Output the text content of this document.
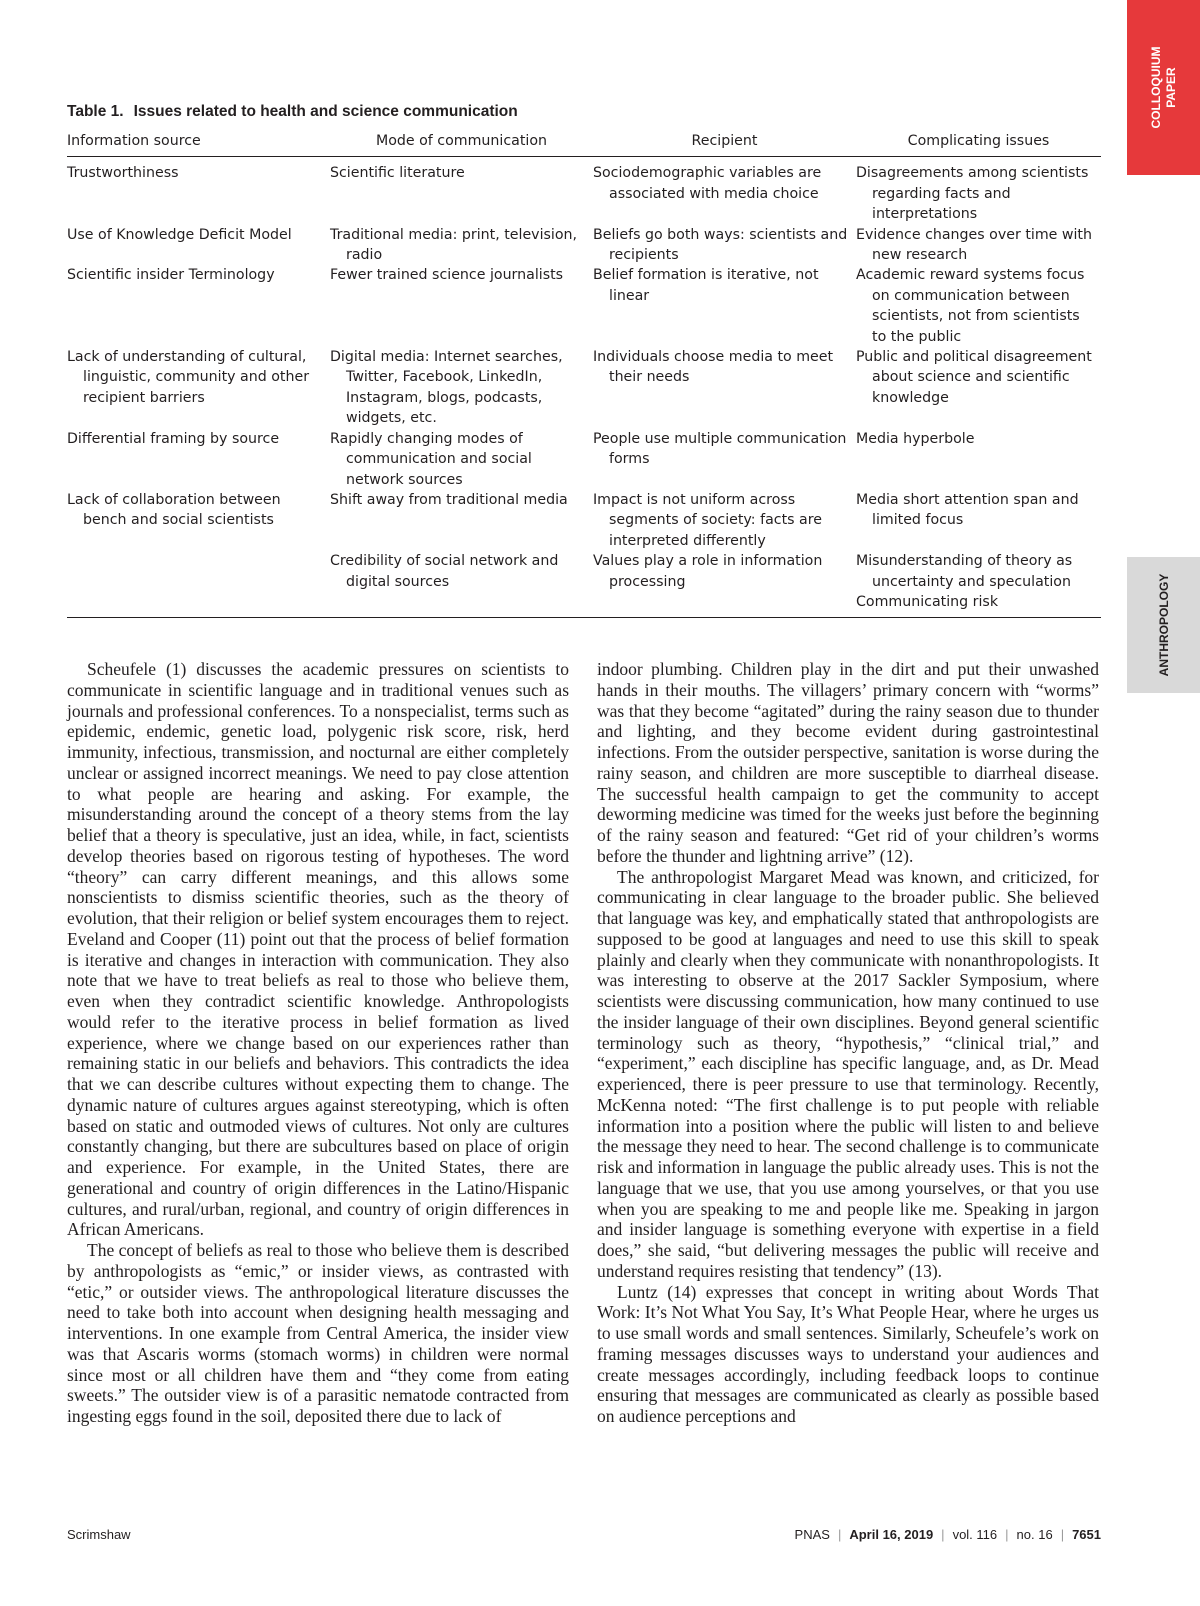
COLLOQUIUM PAPER
ANTHROPOLOGY
Table 1. Issues related to health and science communication
Information source	Mode of communication	Recipient	Complicating issues

Trustworthiness	Scientific literature	Sociodemographic variables are associated with media choice	Disagreements among scientists regarding facts and interpretations

Use of Knowledge Deficit Model	Traditional media: print, television, radio	Beliefs go both ways: scientists and recipients	Evidence changes over time with new research

Scientific insider Terminology	Fewer trained science journalists	Belief formation is iterative, not linear	Academic reward systems focus on communication between scientists, not from scientists to the public

Lack of understanding of cultural, linguistic, community and other recipient barriers	Digital media: Internet searches, Twitter, Facebook, LinkedIn, Instagram, blogs, podcasts, widgets, etc.	Individuals choose media to meet their needs	Public and political disagreement about science and scientific knowledge

Differential framing by source	Rapidly changing modes of communication and social network sources	People use multiple communication forms	Media hyperbole

Lack of collaboration between bench and social scientists	Shift away from traditional media	Impact is not uniform across segments of society: facts are interpreted differently	Media short attention span and limited focus

	Credibility of social network and digital sources	Values play a role in information processing	Misunderstanding of theory as uncertainty and speculation

			Communicating risk

Scheufele (1) discusses the academic pressures on scientists to communicate in scientific language and in traditional venues such as journals and professional conferences. To a nonspecialist, terms such as epidemic, endemic, genetic load, polygenic risk score, risk, herd immunity, infectious, transmission, and nocturnal are either completely unclear or assigned incorrect meanings. We need to pay close attention to what people are hearing and asking. For example, the misunderstanding around the concept of a theory stems from the lay belief that a theory is speculative, just an idea, while, in fact, scientists develop theories based on rigorous testing of hypotheses. The word “theory” can carry different meanings, and this allows some nonscientists to dismiss scientific theories, such as the theory of evolution, that their religion or belief system encourages them to reject. Eveland and Cooper (11) point out that the process of belief formation is iterative and changes in interaction with communication. They also note that we have to treat beliefs as real to those who believe them, even when they contradict scientific knowledge. Anthropologists would refer to the iterative process in belief formation as lived experience, where we change based on our experiences rather than remaining static in our beliefs and behaviors. This contradicts the idea that we can describe cultures without expecting them to change. The dynamic nature of cultures argues against stereotyping, which is often based on static and outmoded views of cultures. Not only are cultures constantly changing, but there are subcultures based on place of origin and experience. For example, in the United States, there are generational and country of origin differences in the Latino/Hispanic cultures, and rural/urban, regional, and country of origin differences in African Americans.

The concept of beliefs as real to those who believe them is described by anthropologists as “emic,” or insider views, as contrasted with “etic,” or outsider views. The anthropological literature discusses the need to take both into account when designing health messaging and interventions. In one example from Central America, the insider view was that Ascaris worms (stomach worms) in children were normal since most or all children have them and “they come from eating sweets.” The outsider view is of a parasitic nematode contracted from ingesting eggs found in the soil, deposited there due to lack of

indoor plumbing. Children play in the dirt and put their unwashed hands in their mouths. The villagers’ primary concern with “worms” was that they become “agitated” during the rainy season due to thunder and lighting, and they become evident during gastrointestinal infections. From the outsider perspective, sanitation is worse during the rainy season, and children are more susceptible to diarrheal disease. The successful health campaign to get the community to accept deworming medicine was timed for the weeks just before the beginning of the rainy season and featured: “Get rid of your children’s worms before the thunder and lightning arrive” (12).

The anthropologist Margaret Mead was known, and criticized, for communicating in clear language to the broader public. She believed that language was key, and emphatically stated that anthropologists are supposed to be good at languages and need to use this skill to speak plainly and clearly when they communicate with nonanthropologists. It was interesting to observe at the 2017 Sackler Symposium, where scientists were discussing communication, how many continued to use the insider language of their own disciplines. Beyond general scientific terminology such as theory, “hypothesis,” “clinical trial,” and “experiment,” each discipline has specific language, and, as Dr. Mead experienced, there is peer pressure to use that terminology. Recently, McKenna noted: “The first challenge is to put people with reliable information into a position where the public will listen to and believe the message they need to hear. The second challenge is to communicate risk and information in language the public already uses. This is not the language that we use, that you use among yourselves, or that you use when you are speaking to me and people like me. Speaking in jargon and insider language is something everyone with expertise in a field does,” she said, “but delivering messages the public will receive and understand requires resisting that tendency” (13).

Luntz (14) expresses that concept in writing about Words That Work: It’s Not What You Say, It’s What People Hear, where he urges us to use small words and small sentences. Similarly, Scheufele’s work on framing messages discusses ways to understand your audiences and create messages accordingly, including feedback loops to continue ensuring that messages are communicated as clearly as possible based on audience perceptions and

Scrimshaw	PNAS | April 16, 2019 | vol. 116 | no. 16 | 7651
